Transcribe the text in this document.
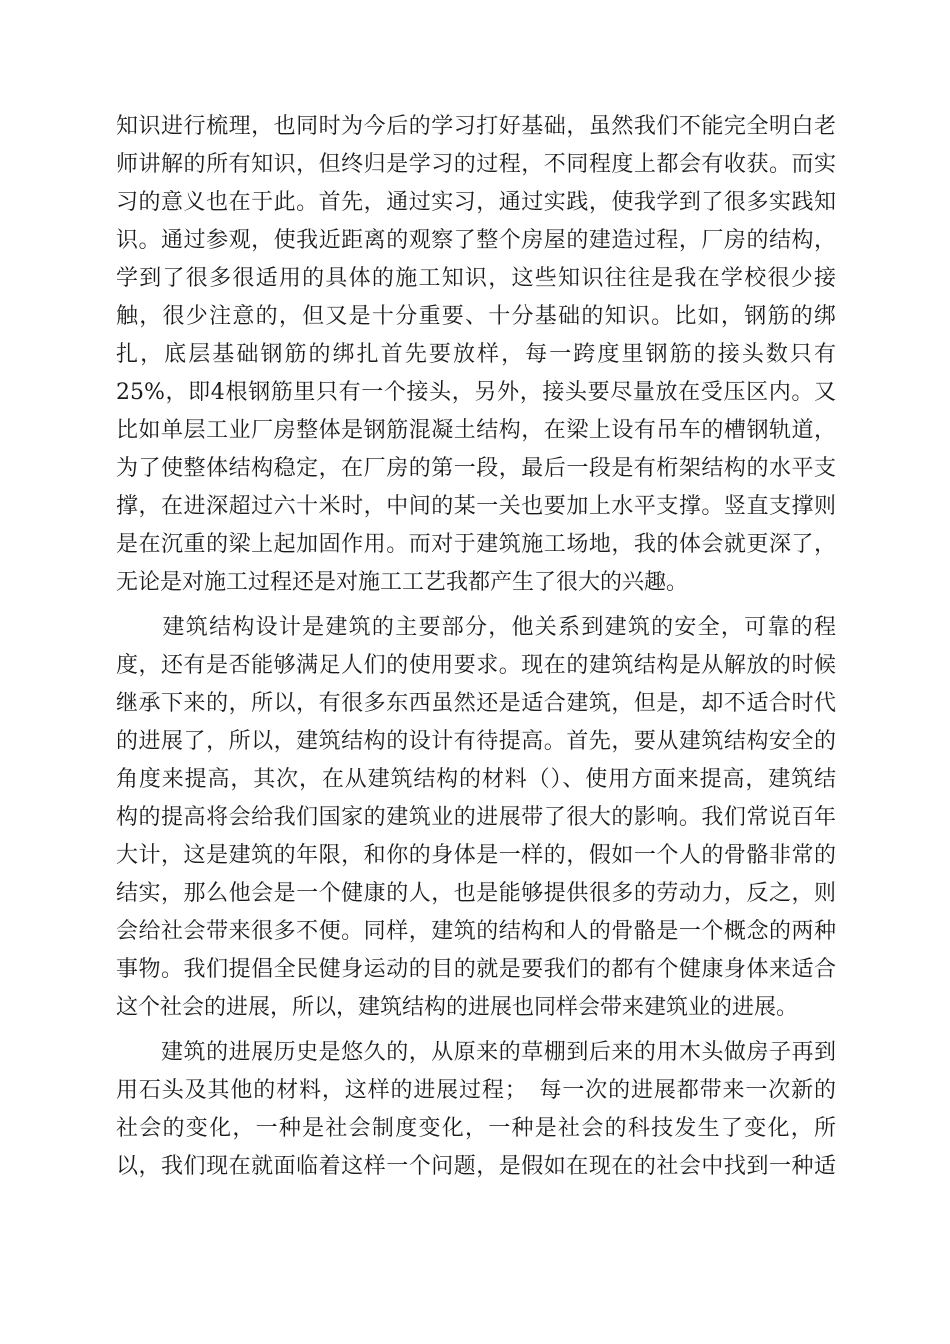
知识进行梳理，也同时为今后的学习打好基础，虽然我们不能完全明白老
师讲解的所有知识，但终归是学习的过程，不同程度上都会有收获。而实
习的意义也在于此。首先，通过实习，通过实践，使我学到了很多实践知
识。通过参观，使我近距离的观察了整个房屋的建造过程，厂房的结构，
学到了很多很适用的具体的施工知识，这些知识往往是我在学校很少接
触，很少注意的，但又是十分重要、十分基础的知识。比如，钢筋的绑
扎，底层基础钢筋的绑扎首先要放样，每一跨度里钢筋的接头数只有
25%，即4根钢筋里只有一个接头，另外，接头要尽量放在受压区内。又
比如单层工业厂房整体是钢筋混凝土结构，在梁上设有吊车的槽钢轨道，
为了使整体结构稳定，在厂房的第一段，最后一段是有桁架结构的水平支
撑，在进深超过六十米时，中间的某一关也要加上水平支撑。竖直支撑则
是在沉重的梁上起加固作用。而对于建筑施工场地，我的体会就更深了，
无论是对施工过程还是对施工工艺我都产生了很大的兴趣。
　　建筑结构设计是建筑的主要部分，他关系到建筑的安全，可靠的程
度，还有是否能够满足人们的使用要求。现在的建筑结构是从解放的时候
继承下来的，所以，有很多东西虽然还是适合建筑，但是，却不适合时代
的进展了，所以，建筑结构的设计有待提高。首先，要从建筑结构安全的
角度来提高，其次，在从建筑结构的材料（）、使用方面来提高，建筑结
构的提高将会给我们国家的建筑业的进展带了很大的影响。我们常说百年
大计，这是建筑的年限，和你的身体是一样的，假如一个人的骨骼非常的
结实，那么他会是一个健康的人，也是能够提供很多的劳动力，反之，则
会给社会带来很多不便。同样，建筑的结构和人的骨骼是一个概念的两种
事物。我们提倡全民健身运动的目的就是要我们的都有个健康身体来适合
这个社会的进展，所以，建筑结构的进展也同样会带来建筑业的进展。
　　建筑的进展历史是悠久的，从原来的草棚到后来的用木头做房子再到
用石头及其他的材料，这样的进展过程；　每一次的进展都带来一次新的
社会的变化，一种是社会制度变化，一种是社会的科技发生了变化，所
以，我们现在就面临着这样一个问题，是假如在现在的社会中找到一种适
